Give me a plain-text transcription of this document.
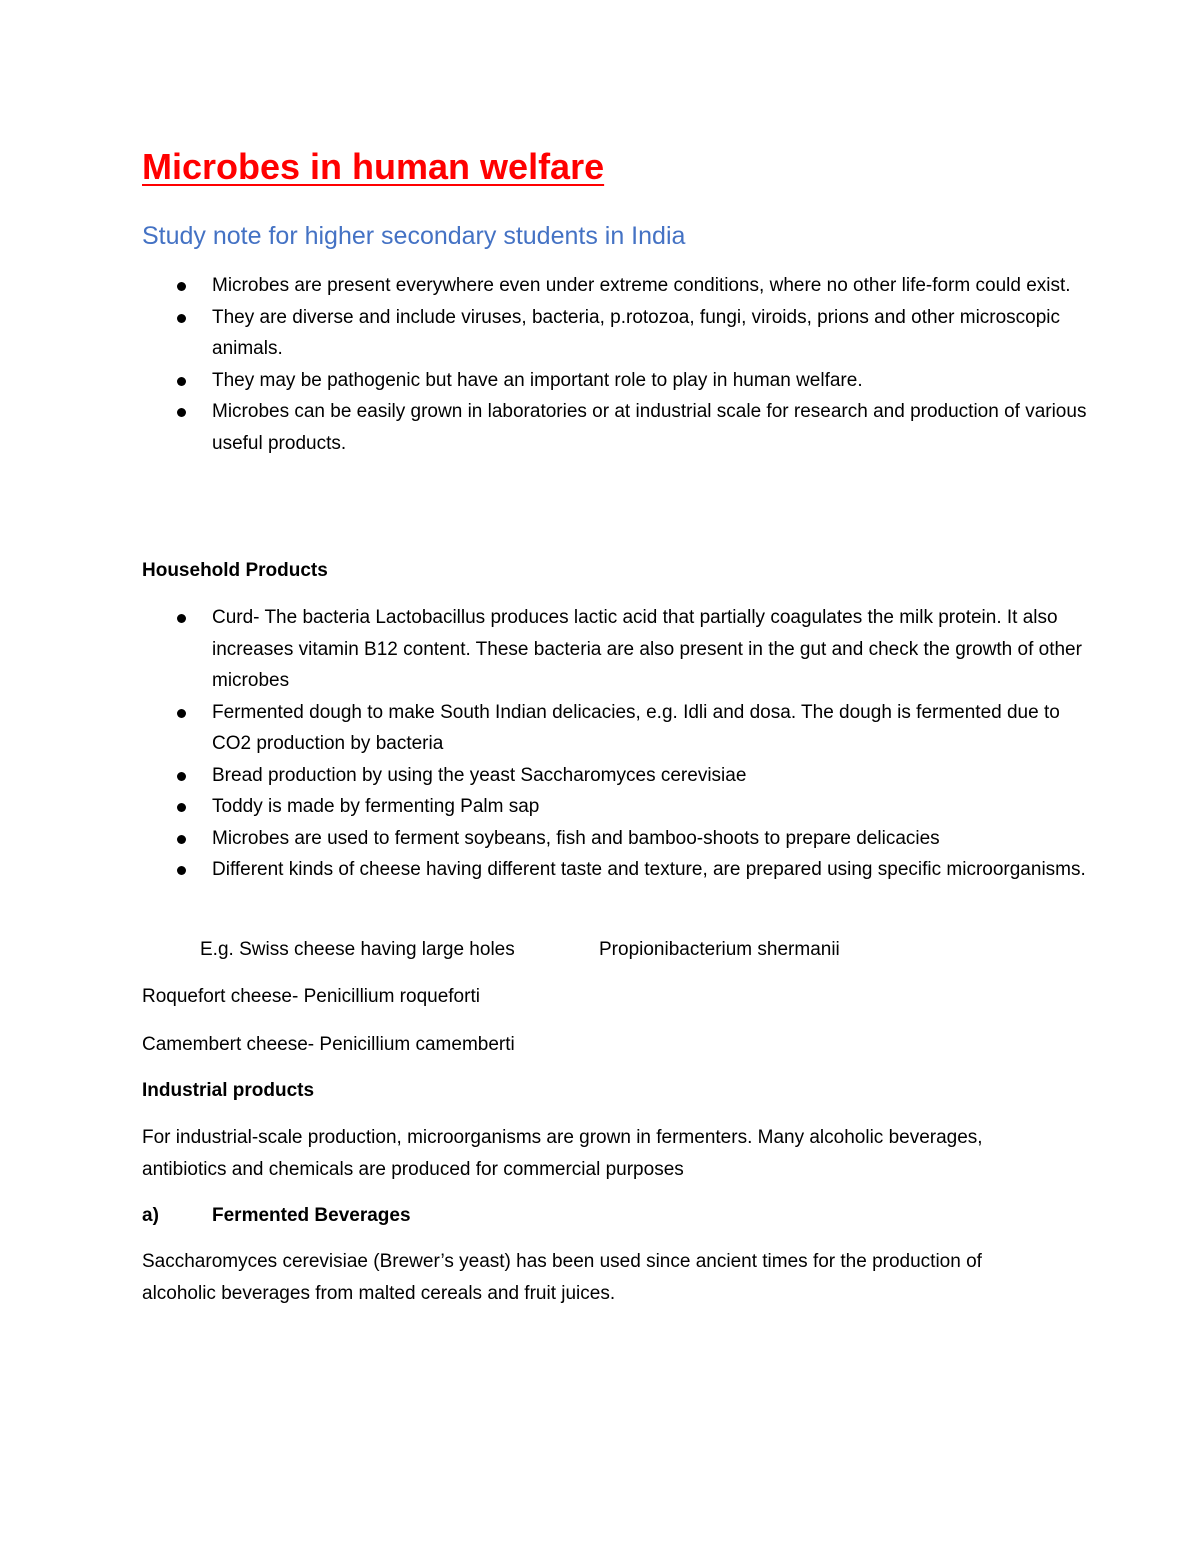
Microbes in human welfare
Study note for higher secondary students in India
Microbes are present everywhere even under extreme conditions, where no other life-form could exist.
They are diverse and include viruses, bacteria, p.rotozoa, fungi, viroids, prions and other microscopic animals.
They may be pathogenic but have an important role to play in human welfare.
Microbes can be easily grown in laboratories or at industrial scale for research and production of various useful products.

Household Products

Curd- The bacteria Lactobacillus produces lactic acid that partially coagulates the milk protein. It also increases vitamin B12 content. These bacteria are also present in the gut and check the growth of other microbes
Fermented dough to make South Indian delicacies, e.g. Idli and dosa. The dough is fermented due to CO2 production by bacteria
Bread production by using the yeast Saccharomyces cerevisiae
Toddy is made by fermenting Palm sap
Microbes are used to ferment soybeans, fish and bamboo-shoots to prepare delicacies
Different kinds of cheese having different taste and texture, are prepared using specific microorganisms.

E.g. Swiss cheese having large holes	Propionibacterium shermanii

Roquefort cheese- Penicillium roqueforti

Camembert cheese- Penicillium camemberti

Industrial products

For industrial-scale production, microorganisms are grown in fermenters. Many alcoholic beverages, antibiotics and chemicals are produced for commercial purposes

a)	Fermented Beverages

Saccharomyces cerevisiae (Brewer’s yeast) has been used since ancient times for the production of alcoholic beverages from malted cereals and fruit juices.
